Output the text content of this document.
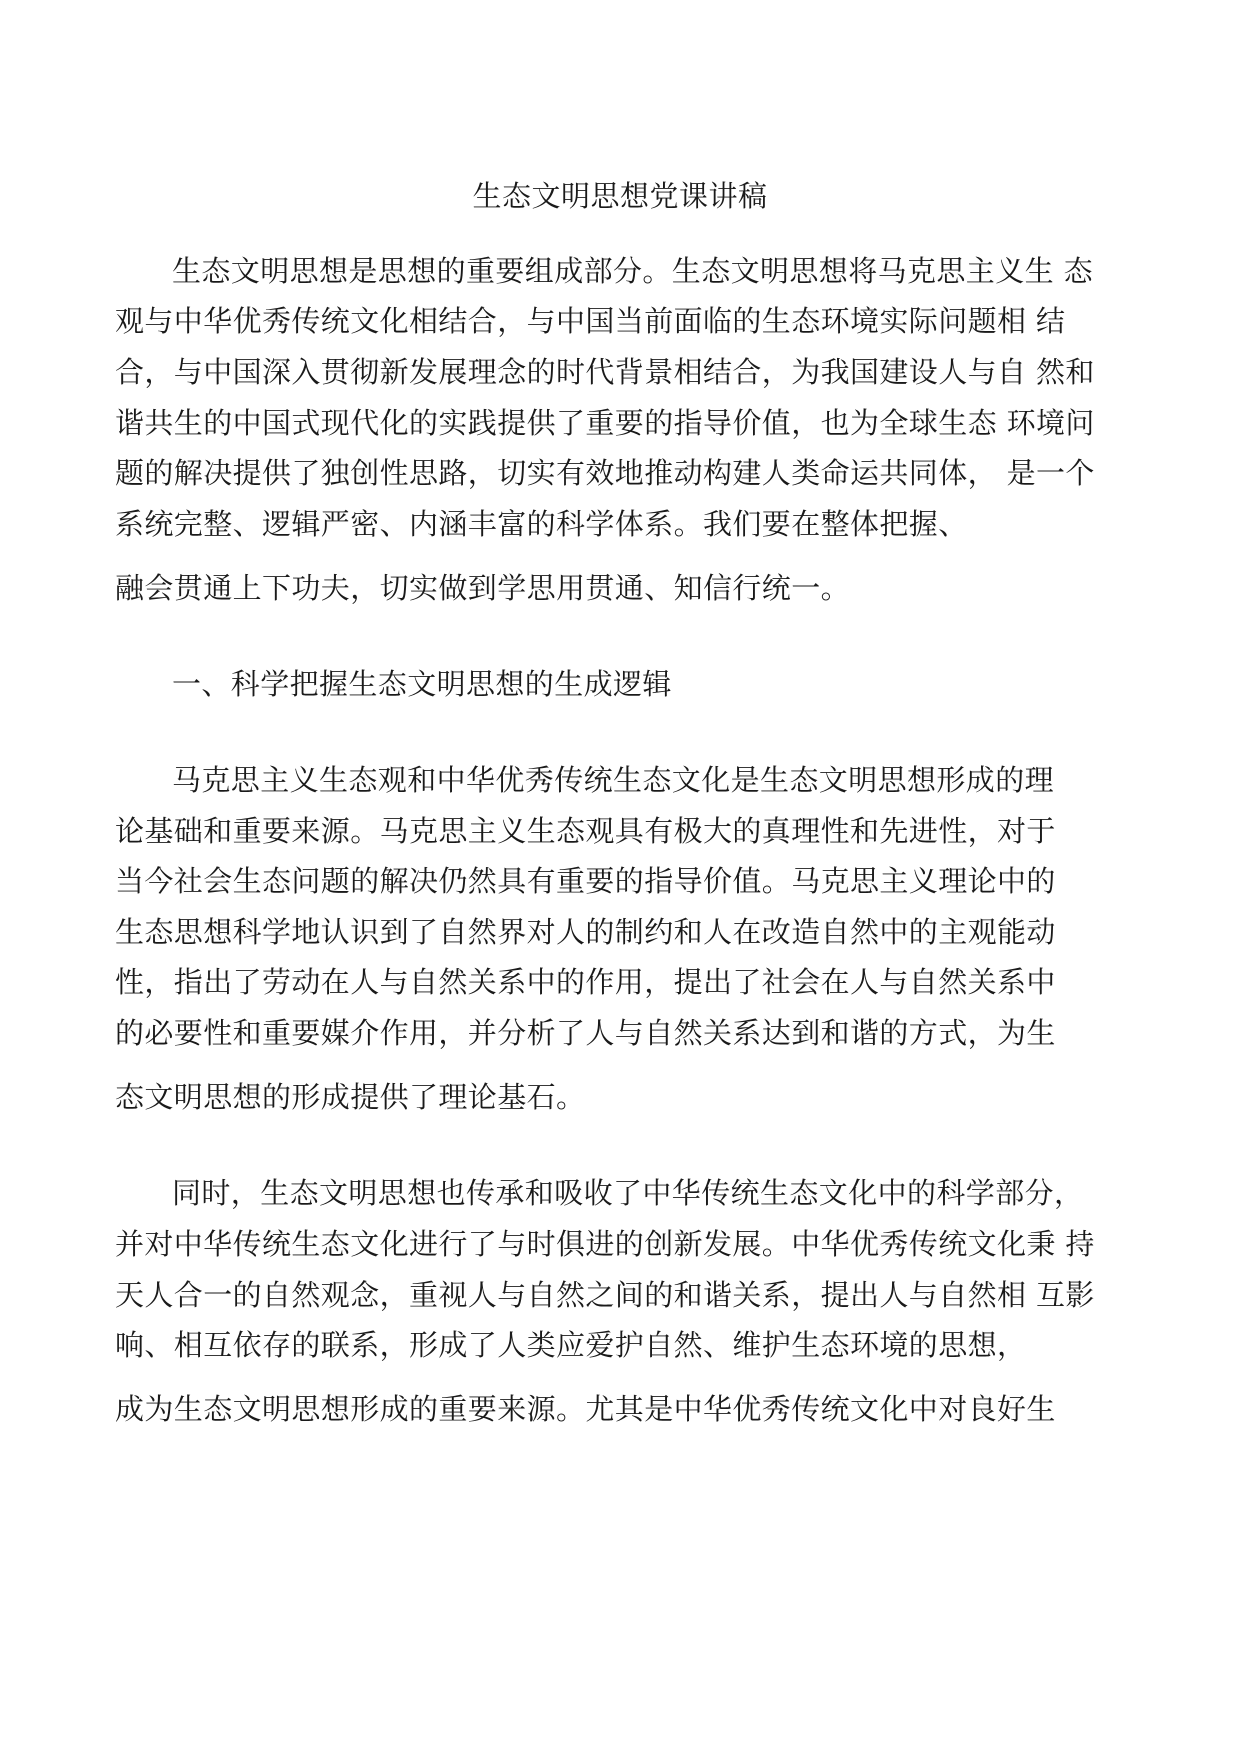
生态文明思想党课讲稿
生态文明思想是思想的重要组成部分。生态文明思想将马克思主义生 态
观与中华优秀传统文化相结合，与中国当前面临的生态环境实际问题相 结
合，与中国深入贯彻新发展理念的时代背景相结合，为我国建设人与自 然和
谐共生的中国式现代化的实践提供了重要的指导价值，也为全球生态 环境问
题的解决提供了独创性思路，切实有效地推动构建人类命运共同体， 是一个
系统完整、逻辑严密、内涵丰富的科学体系。我们要在整体把握、
融会贯通上下功夫，切实做到学思用贯通、知信行统一。
一、科学把握生态文明思想的生成逻辑
马克思主义生态观和中华优秀传统生态文化是生态文明思想形成的理
论基础和重要来源。马克思主义生态观具有极大的真理性和先进性，对于
当今社会生态问题的解决仍然具有重要的指导价值。马克思主义理论中的
生态思想科学地认识到了自然界对人的制约和人在改造自然中的主观能动
性，指出了劳动在人与自然关系中的作用，提出了社会在人与自然关系中
的必要性和重要媒介作用，并分析了人与自然关系达到和谐的方式，为生
态文明思想的形成提供了理论基石。
同时，生态文明思想也传承和吸收了中华传统生态文化中的科学部分，
并对中华传统生态文化进行了与时俱进的创新发展。中华优秀传统文化秉 持
天人合一的自然观念，重视人与自然之间的和谐关系，提出人与自然相 互影
响、相互依存的联系，形成了人类应爱护自然、维护生态环境的思想，
成为生态文明思想形成的重要来源。尤其是中华优秀传统文化中对良好生
